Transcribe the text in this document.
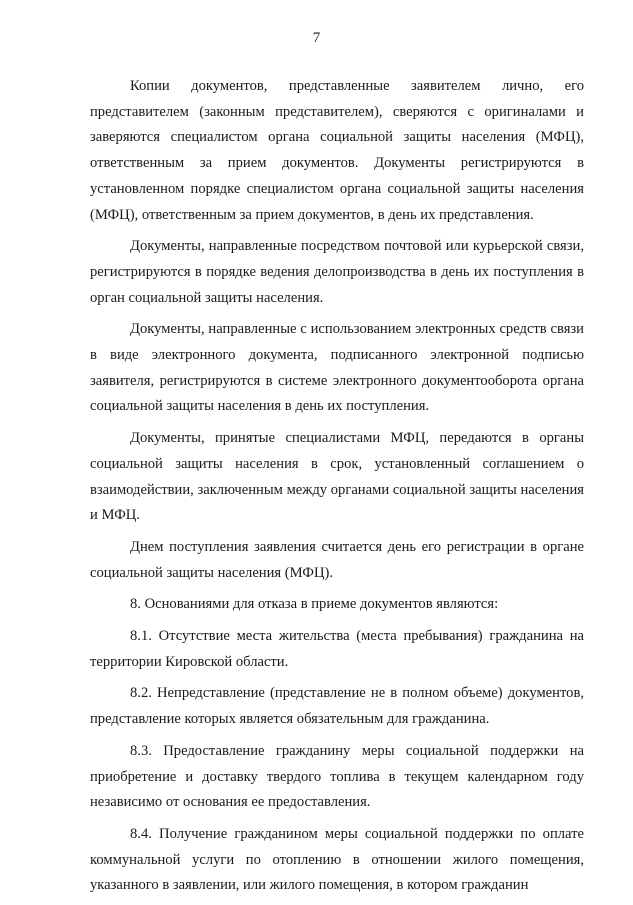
7

Копии документов, представленные заявителем лично, его представителем (законным представителем), сверяются с оригиналами и заверяются специалистом органа социальной защиты населения (МФЦ), ответственным за прием документов. Документы регистрируются в установленном порядке специалистом органа социальной защиты населения (МФЦ), ответственным за прием документов, в день их представления.

Документы, направленные посредством почтовой или курьерской связи, регистрируются в порядке ведения делопроизводства в день их поступления в орган социальной защиты населения.

Документы, направленные с использованием электронных средств связи в виде электронного документа, подписанного электронной подписью заявителя, регистрируются в системе электронного документооборота органа социальной защиты населения в день их поступления.

Документы, принятые специалистами МФЦ, передаются в органы социальной защиты населения в срок, установленный соглашением о взаимодействии, заключенным между органами социальной защиты населения и МФЦ.

Днем поступления заявления считается день его регистрации в органе социальной защиты населения (МФЦ).

8. Основаниями для отказа в приеме документов являются:

8.1. Отсутствие места жительства (места пребывания) гражданина на территории Кировской области.

8.2. Непредставление (представление не в полном объеме) документов, представление которых является обязательным для гражданина.

8.3. Предоставление гражданину меры социальной поддержки на приобретение и доставку твердого топлива в текущем календарном году независимо от основания ее предоставления.

8.4. Получение гражданином меры социальной поддержки по оплате коммунальной услуги по отоплению в отношении жилого помещения, указанного в заявлении, или жилого помещения, в котором гражданин
